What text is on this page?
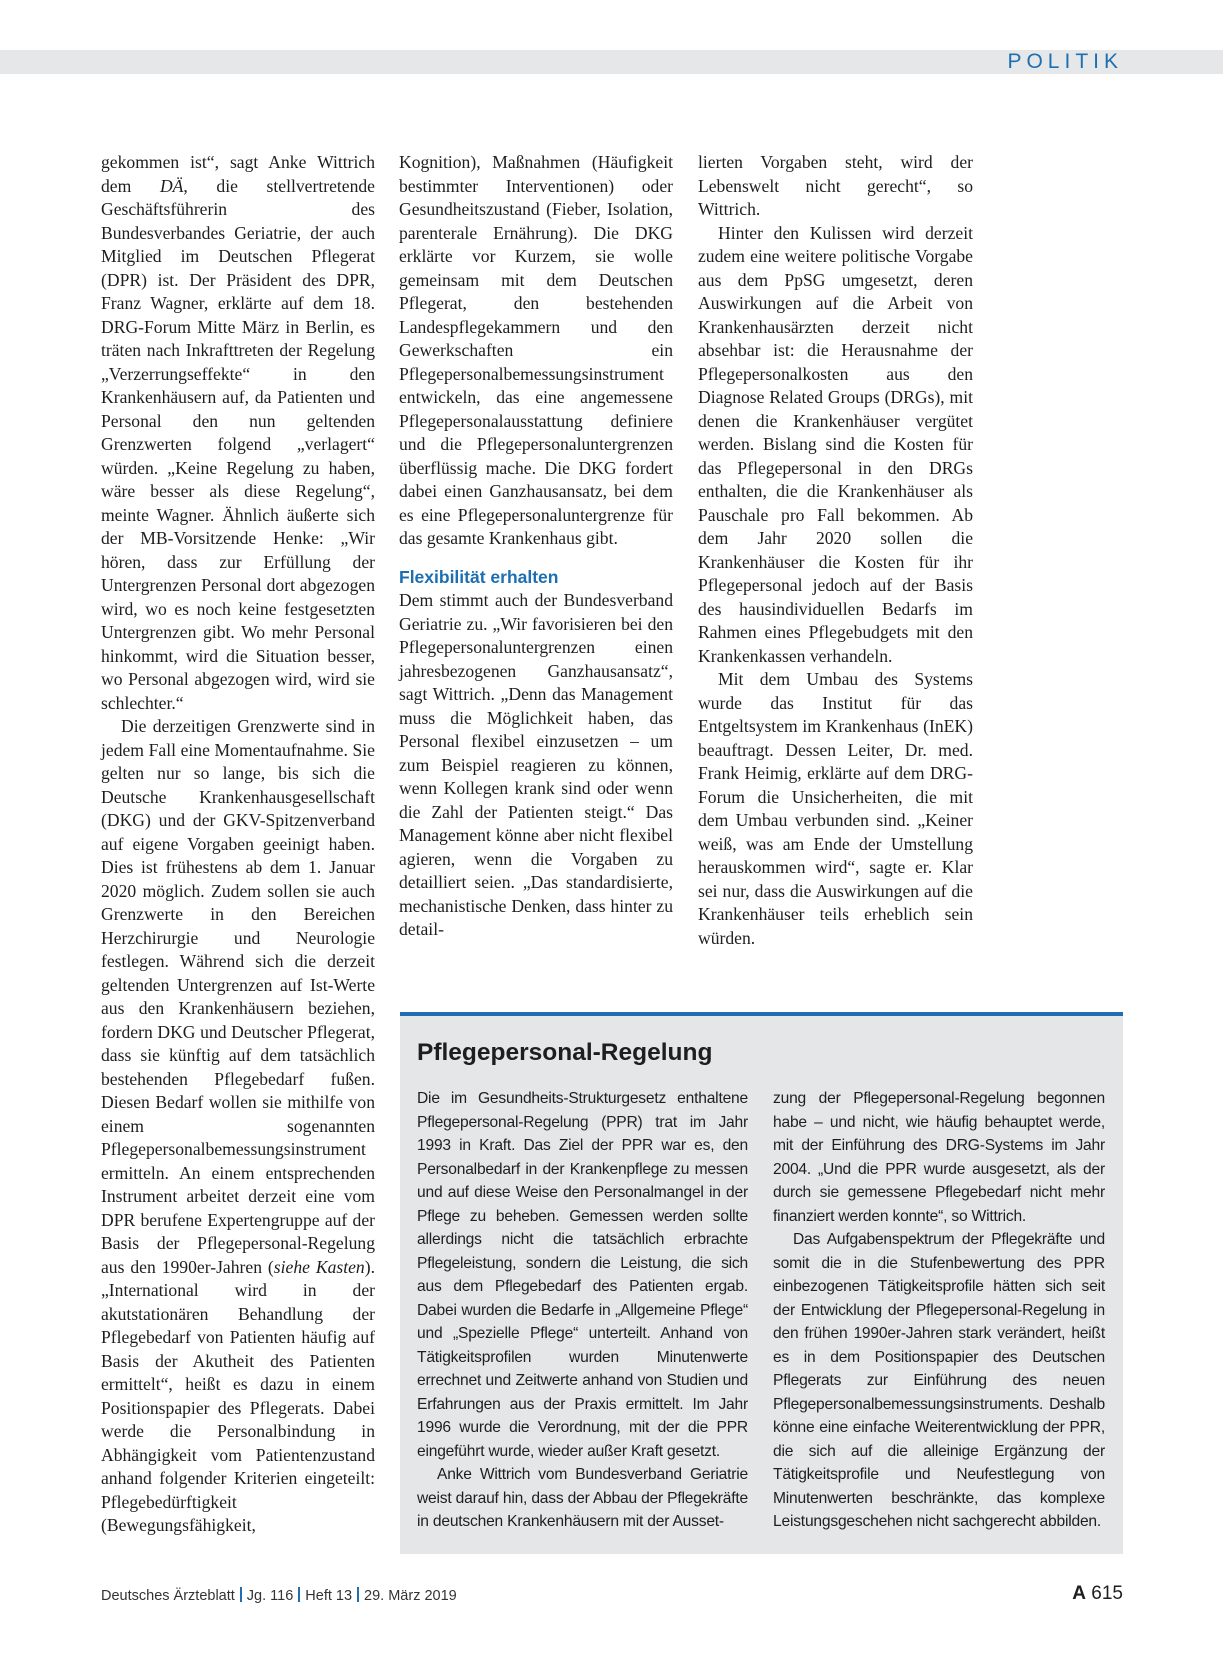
POLITIK

gekommen ist“, sagt Anke Wittrich dem DÄ, die stellvertretende Geschäftsführerin des Bundesverbandes Geriatrie, der auch Mitglied im Deutschen Pflegerat (DPR) ist. Der Präsident des DPR, Franz Wagner, erklärte auf dem 18. DRG-Forum Mitte März in Berlin, es träten nach Inkrafttreten der Regelung „Verzerrungseffekte“ in den Krankenhäusern auf, da Patienten und Personal den nun geltenden Grenzwerten folgend „verlagert“ würden. „Keine Regelung zu haben, wäre besser als diese Regelung“, meinte Wagner. Ähnlich äußerte sich der MB-Vorsitzende Henke: „Wir hören, dass zur Erfüllung der Untergrenzen Personal dort abgezogen wird, wo es noch keine festgesetzten Untergrenzen gibt. Wo mehr Personal hinkommt, wird die Situation besser, wo Personal abgezogen wird, wird sie schlechter.“

Die derzeitigen Grenzwerte sind in jedem Fall eine Momentaufnahme. Sie gelten nur so lange, bis sich die Deutsche Krankenhausgesellschaft (DKG) und der GKV-Spitzenverband auf eigene Vorgaben geeinigt haben. Dies ist frühestens ab dem 1. Januar 2020 möglich. Zudem sollen sie auch Grenzwerte in den Bereichen Herzchirurgie und Neurologie festlegen. Während sich die derzeit geltenden Untergrenzen auf Ist-Werte aus den Krankenhäusern beziehen, fordern DKG und Deutscher Pflegerat, dass sie künftig auf dem tatsächlich bestehenden Pflegebedarf fußen. Diesen Bedarf wollen sie mithilfe von einem sogenannten Pflegepersonalbemessungsinstrument ermitteln. An einem entsprechenden Instrument arbeitet derzeit eine vom DPR berufene Expertengruppe auf der Basis der Pflegepersonal-Regelung aus den 1990er-Jahren (siehe Kasten). „International wird in der akutstationären Behandlung der Pflegebedarf von Patienten häufig auf Basis der Akutheit des Patienten ermittelt“, heißt es dazu in einem Positionspapier des Pflegerats. Dabei werde die Personalbindung in Abhängigkeit vom Patientenzustand anhand folgender Kriterien eingeteilt: Pflegebedürftigkeit (Bewegungsfähigkeit,

Kognition), Maßnahmen (Häufigkeit bestimmter Interventionen) oder Gesundheitszustand (Fieber, Isolation, parenterale Ernährung). Die DKG erklärte vor Kurzem, sie wolle gemeinsam mit dem Deutschen Pflegerat, den bestehenden Landespflegekammern und den Gewerkschaften ein Pflegepersonalbemessungsinstrument entwickeln, das eine angemessene Pflegepersonalausstattung definiere und die Pflegepersonaluntergrenzen überflüssig mache. Die DKG fordert dabei einen Ganzhausansatz, bei dem es eine Pflegepersonaluntergrenze für das gesamte Krankenhaus gibt.

Flexibilität erhalten

Dem stimmt auch der Bundesverband Geriatrie zu. „Wir favorisieren bei den Pflegepersonaluntergrenzen einen jahresbezogenen Ganzhausansatz“, sagt Wittrich. „Denn das Management muss die Möglichkeit haben, das Personal flexibel einzusetzen – um zum Beispiel reagieren zu können, wenn Kollegen krank sind oder wenn die Zahl der Patienten steigt.“ Das Management könne aber nicht flexibel agieren, wenn die Vorgaben zu detailliert seien. „Das standardisierte, mechanistische Denken, dass hinter zu detail-

lierten Vorgaben steht, wird der Lebenswelt nicht gerecht“, so Wittrich.

Hinter den Kulissen wird derzeit zudem eine weitere politische Vorgabe aus dem PpSG umgesetzt, deren Auswirkungen auf die Arbeit von Krankenhausärzten derzeit nicht absehbar ist: die Herausnahme der Pflegepersonalkosten aus den Diagnose Related Groups (DRGs), mit denen die Krankenhäuser vergütet werden. Bislang sind die Kosten für das Pflegepersonal in den DRGs enthalten, die die Krankenhäuser als Pauschale pro Fall bekommen. Ab dem Jahr 2020 sollen die Krankenhäuser die Kosten für ihr Pflegepersonal jedoch auf der Basis des hausindividuellen Bedarfs im Rahmen eines Pflegebudgets mit den Krankenkassen verhandeln.

Mit dem Umbau des Systems wurde das Institut für das Entgeltsystem im Krankenhaus (InEK) beauftragt. Dessen Leiter, Dr. med. Frank Heimig, erklärte auf dem DRG-Forum die Unsicherheiten, die mit dem Umbau verbunden sind. „Keiner weiß, was am Ende der Umstellung herauskommen wird“, sagte er. Klar sei nur, dass die Auswirkungen auf die Krankenhäuser teils erheblich sein würden.

Pflegepersonal-Regelung

Die im Gesundheits-Strukturgesetz enthaltene Pflegepersonal-Regelung (PPR) trat im Jahr 1993 in Kraft. Das Ziel der PPR war es, den Personalbedarf in der Krankenpflege zu messen und auf diese Weise den Personalmangel in der Pflege zu beheben. Gemessen werden sollte allerdings nicht die tatsächlich erbrachte Pflegeleistung, sondern die Leistung, die sich aus dem Pflegebedarf des Patienten ergab. Dabei wurden die Bedarfe in „Allgemeine Pflege“ und „Spezielle Pflege“ unterteilt. Anhand von Tätigkeitsprofilen wurden Minutenwerte errechnet und Zeitwerte anhand von Studien und Erfahrungen aus der Praxis ermittelt. Im Jahr 1996 wurde die Verordnung, mit der die PPR eingeführt wurde, wieder außer Kraft gesetzt.

Anke Wittrich vom Bundesverband Geriatrie weist darauf hin, dass der Abbau der Pflegekräfte in deutschen Krankenhäusern mit der Ausset-

zung der Pflegepersonal-Regelung begonnen habe – und nicht, wie häufig behauptet werde, mit der Einführung des DRG-Systems im Jahr 2004. „Und die PPR wurde ausgesetzt, als der durch sie gemessene Pflegebedarf nicht mehr finanziert werden konnte“, so Wittrich.

Das Aufgabenspektrum der Pflegekräfte und somit die in die Stufenbewertung des PPR einbezogenen Tätigkeitsprofile hätten sich seit der Entwicklung der Pflegepersonal-Regelung in den frühen 1990er-Jahren stark verändert, heißt es in dem Positionspapier des Deutschen Pflegerats zur Einführung des neuen Pflegepersonalbemessungsinstruments. Deshalb könne eine einfache Weiterentwicklung der PPR, die sich auf die alleinige Ergänzung der Tätigkeitsprofile und Neufestlegung von Minutenwerten beschränkte, das komplexe Leistungsgeschehen nicht sachgerecht abbilden.

Deutsches Ärzteblatt Jg. 116 Heft 13 29. März 2019	A 615
